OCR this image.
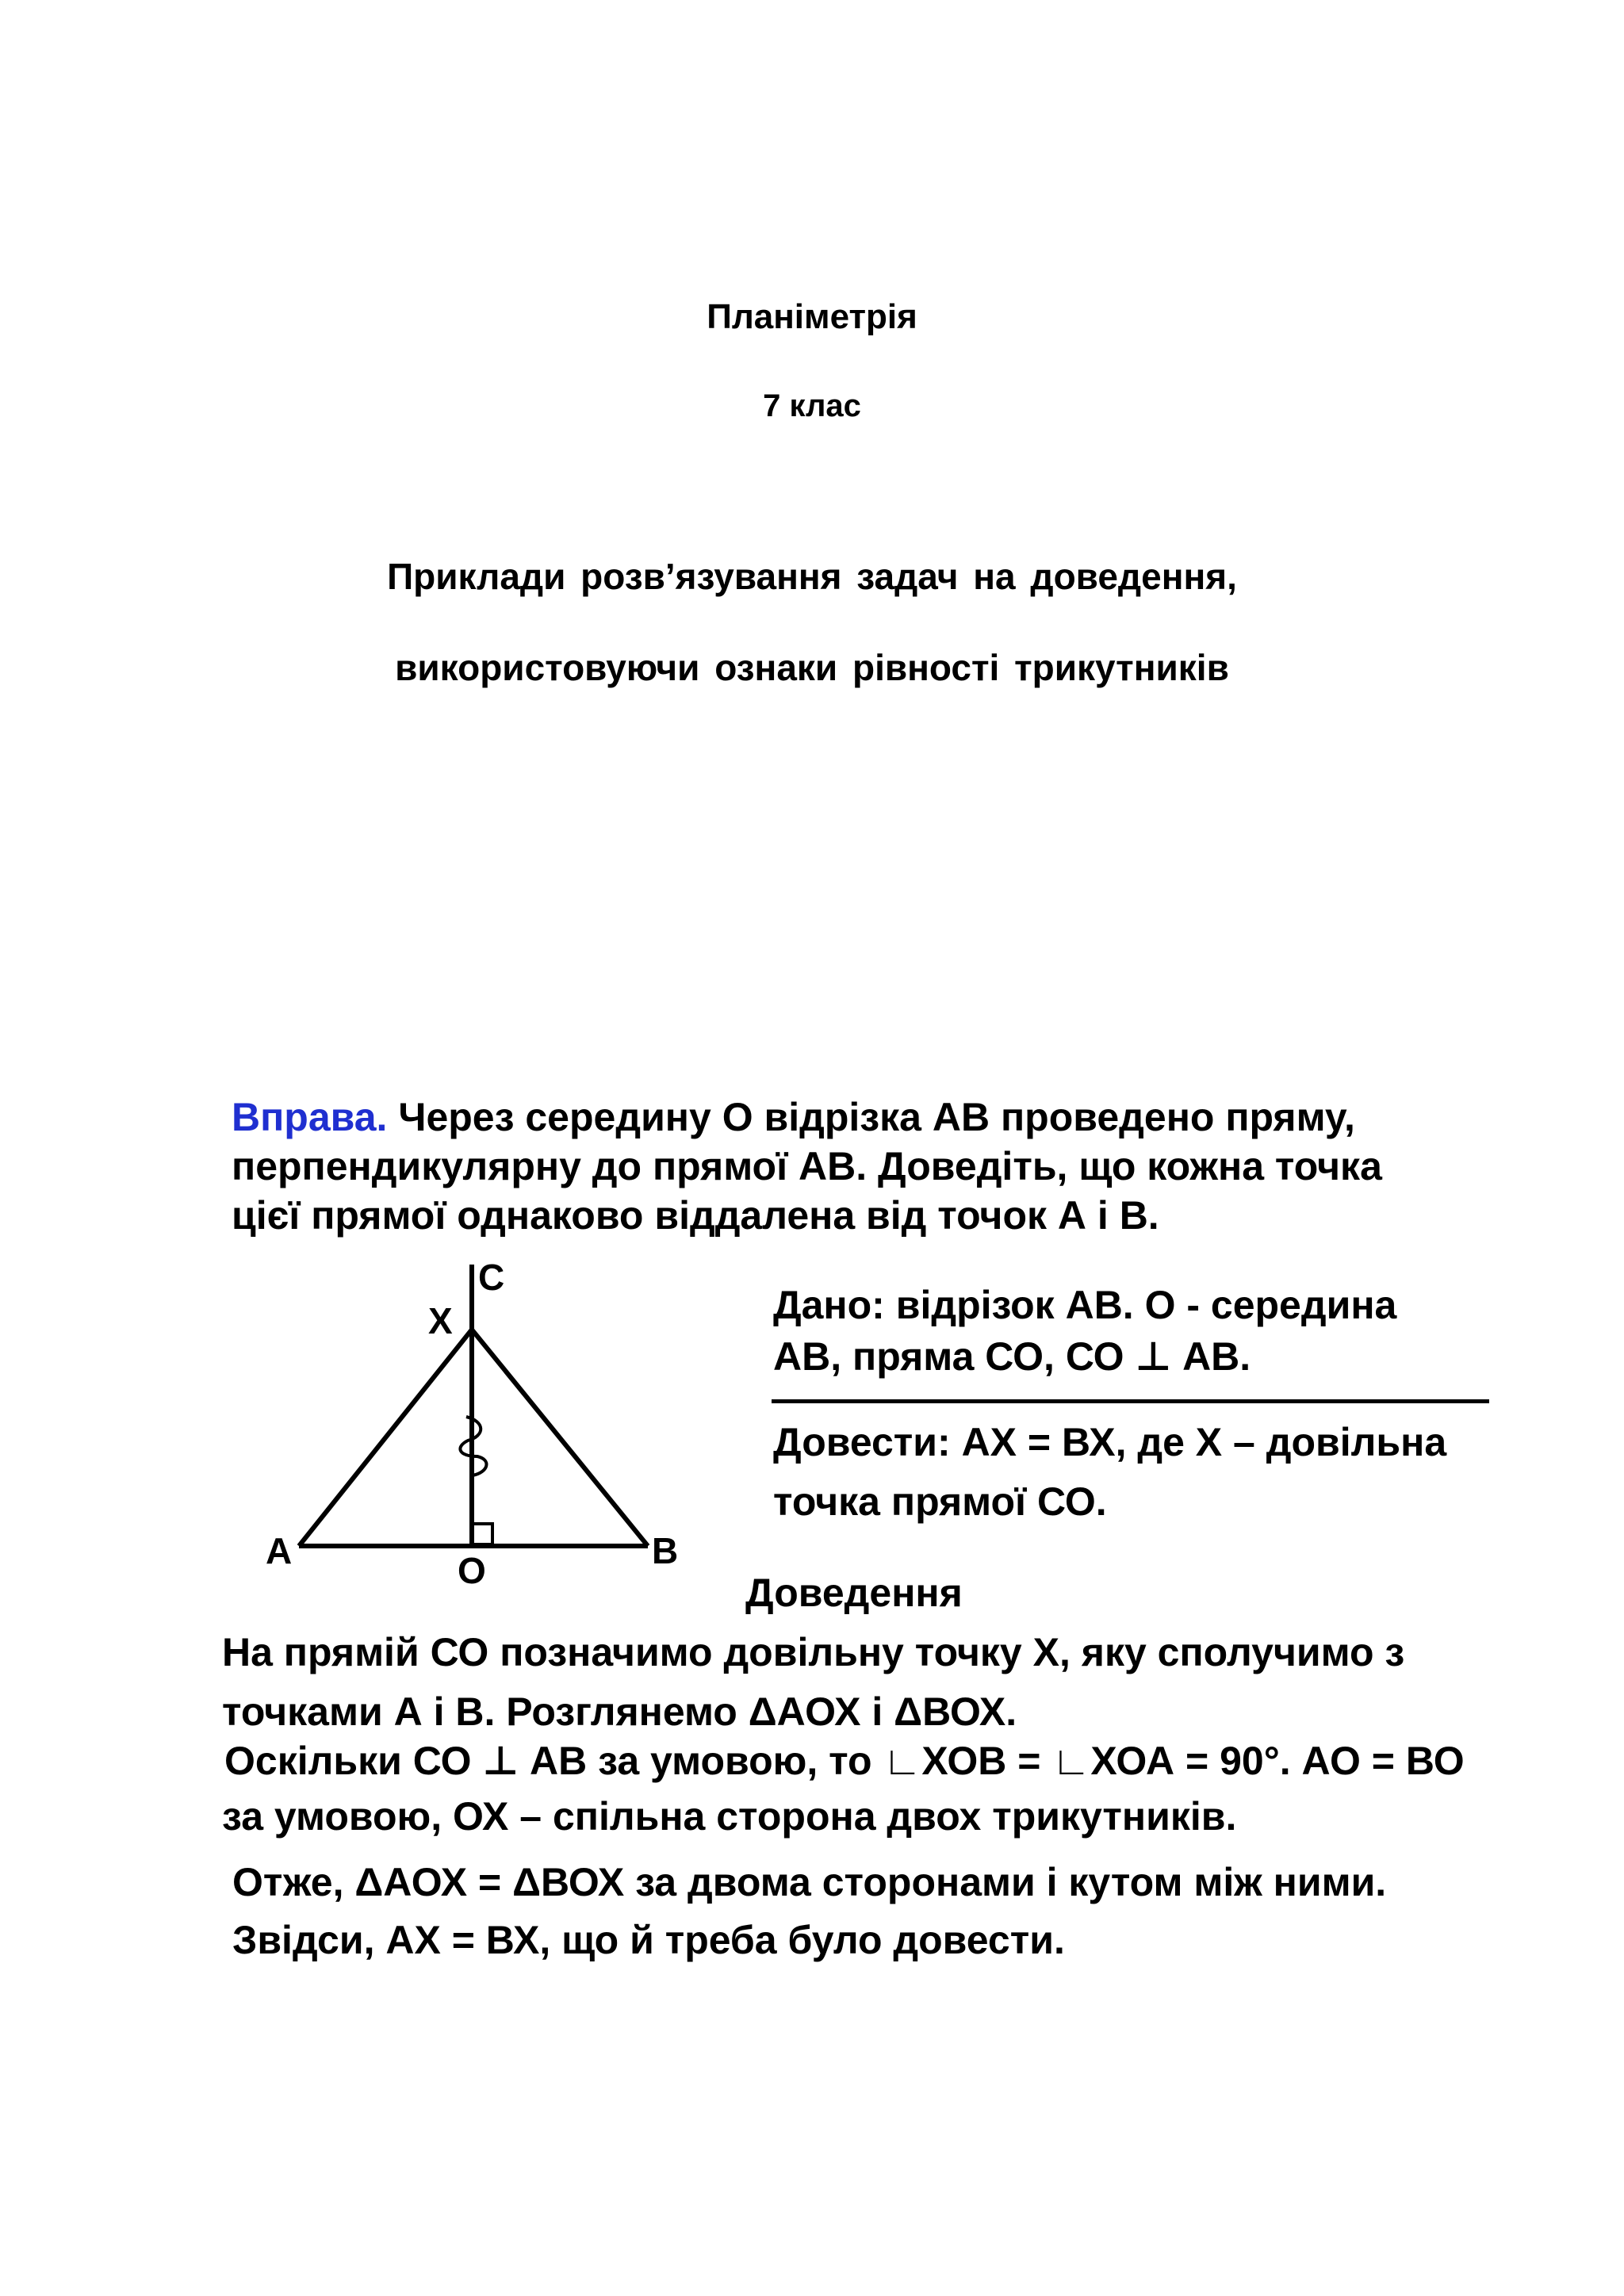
Планіметрія
7 клас
Приклади розв’язування задач на доведення,
використовуючи ознаки рівності трикутників
Вправа. Через середину О відрізка АВ проведено пряму,
перпендикулярну до прямої АВ. Доведіть, що кожна точка
цієї прямої однаково віддалена від точок А і В.
C
X
A	O	B
Дано: відрізок АВ. О - середина
АВ, пряма СО, СО ⊥ АВ.
Довести: АХ = ВХ, де Х – довільна
точка прямої СО.
Доведення
На прямій СО позначимо довільну точку Х, яку сполучимо з
точками А і В. Розглянемо ΔАОХ і ΔВОХ.
Оскільки СО ⊥ АВ за умовою, то ∟ХОВ = ∟ХОА = 90°. АО = ВО
за умовою, ОХ – спільна сторона двох трикутників.
Отже, ΔАОХ = ΔВОХ за двома сторонами і кутом між ними.
Звідси, АХ = ВХ, що й треба було довести.
